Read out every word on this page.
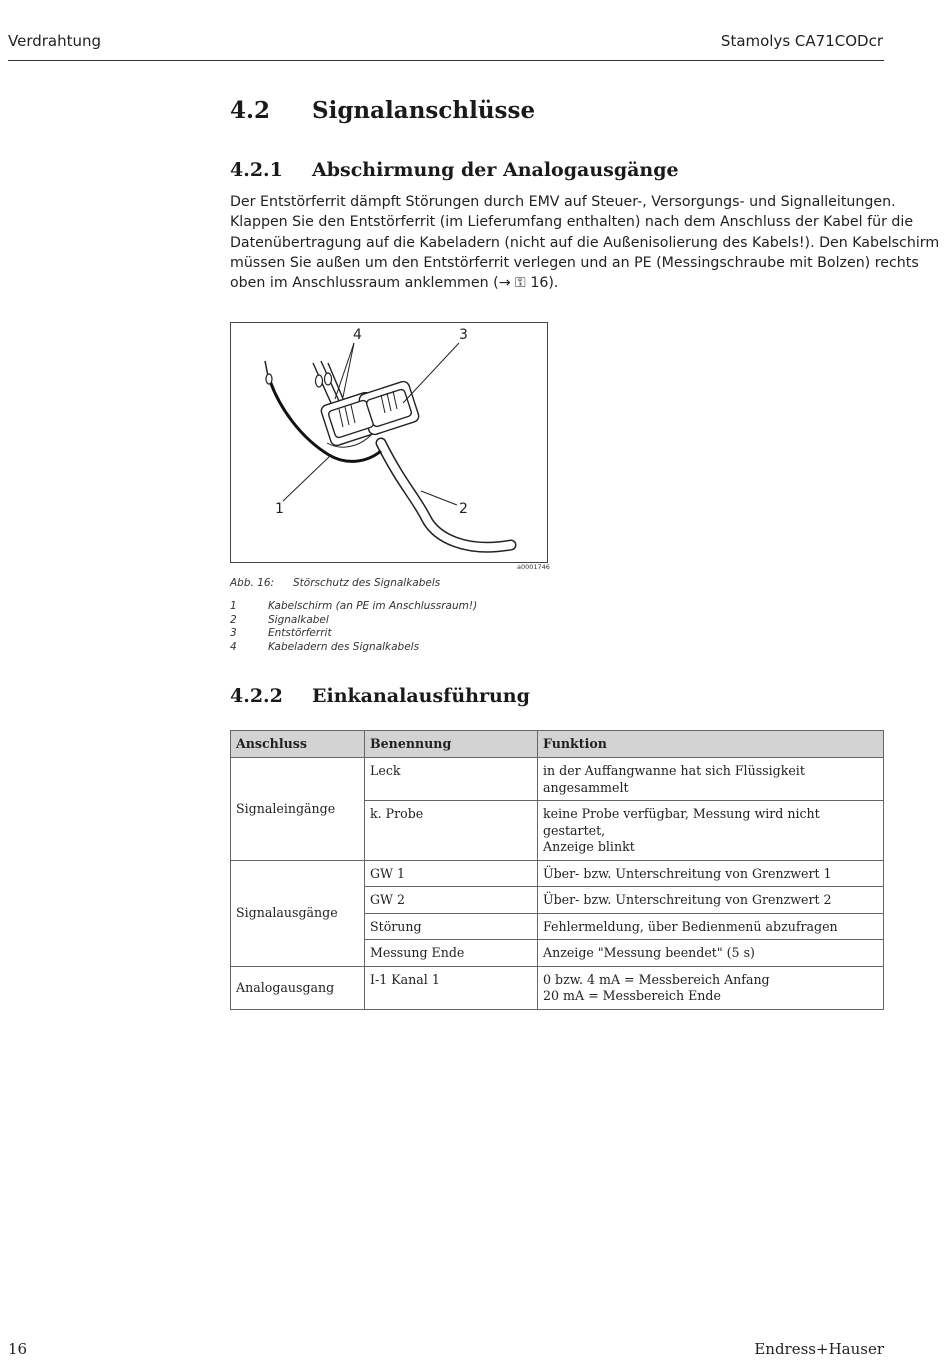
Verdrahtung	Stamolys CA71CODсr
4.2 Signalanschlüsse
4.2.1 Abschirmung der Analogausgänge
Der Entstörferrit dämpft Störungen durch EMV auf Steuer-, Versorgungs- und Signalleitungen.
Klappen Sie den Entstörferrit (im Lieferumfang enthalten) nach dem Anschluss der Kabel für die
Datenübertragung auf die Kabeladern (nicht auf die Außenisolierung des Kabels!). Den Kabelschirm
müssen Sie außen um den Entstörferrit verlegen und an PE (Messingschraube mit Bolzen) rechts
oben im Anschlussraum anklemmen (→ ⚿ 16).
4	3
1	2
a0001746
Abb. 16: Störschutz des Signalkabels
1	Kabelschirm (an PE im Anschlussraum!)
2	Signalkabel
3	Entstörferrit
4	Kabeladern des Signalkabels
4.2.2 Einkanalausführung
Anschluss	Benennung	Funktion
Signaleingänge	Leck	in der Auffangwanne hat sich Flüssigkeit angesammelt
	k. Probe	keine Probe verfügbar, Messung wird nicht gestartet,
Anzeige blinkt
Signalausgänge	GW 1	Über- bzw. Unterschreitung von Grenzwert 1
	GW 2	Über- bzw. Unterschreitung von Grenzwert 2
	Störung	Fehlermeldung, über Bedienmenü abzufragen
	Messung Ende	Anzeige "Messung beendet" (5 s)
Analogausgang	I-1 Kanal 1	0 bzw. 4 mA = Messbereich Anfang
20 mA = Messbereich Ende
16	Endress+Hauser
